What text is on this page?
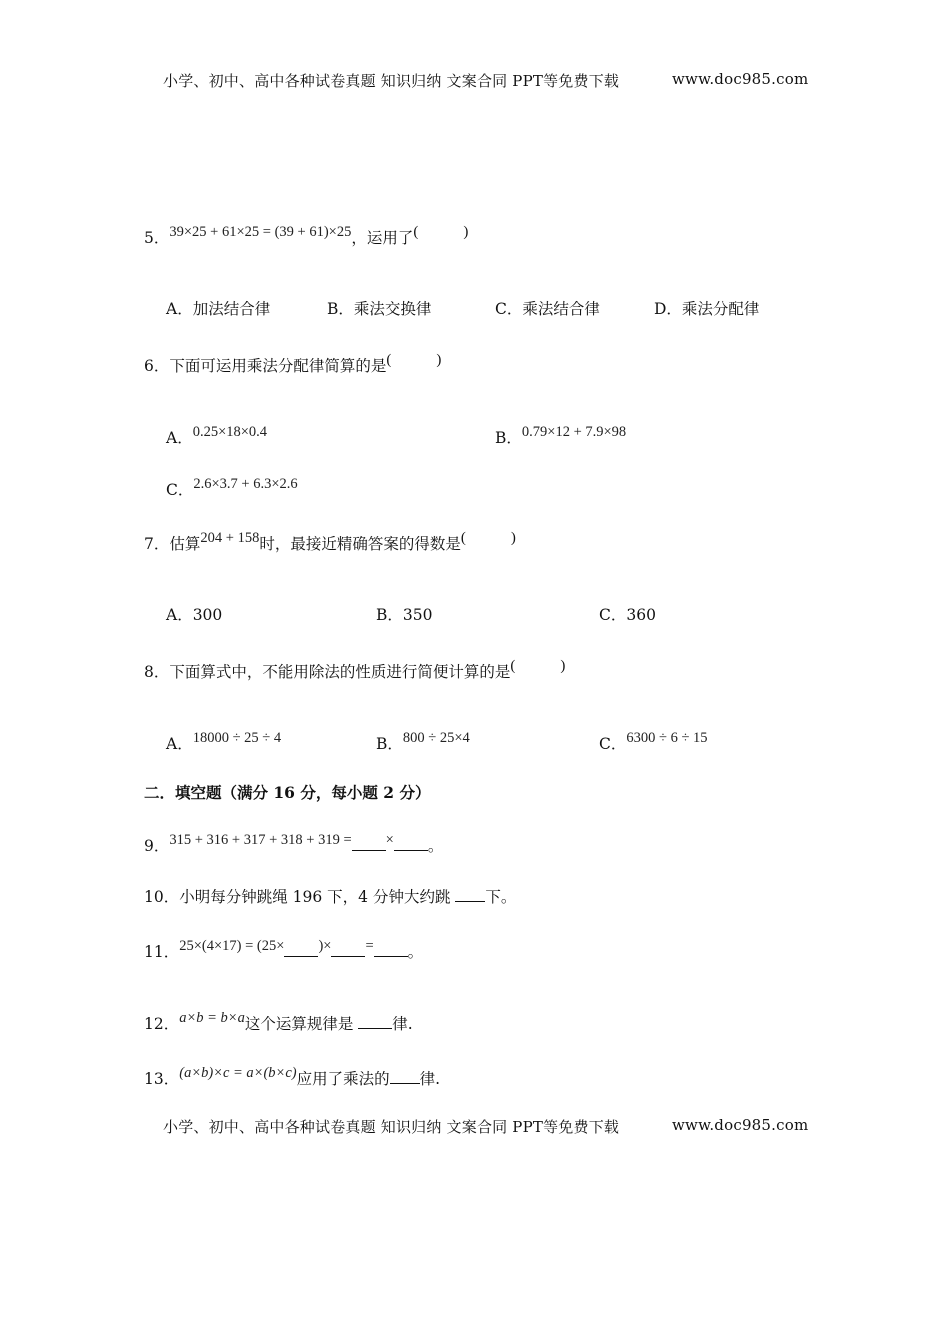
小学、初中、高中各种试卷真题 知识归纳 文案合同 PPT等免费下载	www.doc985.com
5．39×25 + 61×25 = (39 + 61)×25，运用了(　　　)
A．加法结合律	B．乘法交换律	C．乘法结合律	D．乘法分配律
6．下面可运用乘法分配律简算的是(　　　)
A．0.25×18×0.4	B．0.79×12 + 7.9×98
C．2.6×3.7 + 6.3×2.6
7．估算204 + 158时，最接近精确答案的得数是(　　　)
A．300	B．350	C．360
8．下面算式中，不能用除法的性质进行简便计算的是(　　　)
A．18000 ÷ 25 ÷ 4	B．800 ÷ 25×4	C．6300 ÷ 6 ÷ 15
二．填空题（满分 16 分，每小题 2 分）
9．315 + 316 + 317 + 318 + 319 = × 。
10．小明每分钟跳绳 196 下，4 分钟大约跳 下。
11．25×(4×17) = (25× )× = 。
12．a×b = b×a这个运算规律是 律.
13．(a×b)×c = a×(b×c)应用了乘法的 律.
小学、初中、高中各种试卷真题 知识归纳 文案合同 PPT等免费下载	www.doc985.com
